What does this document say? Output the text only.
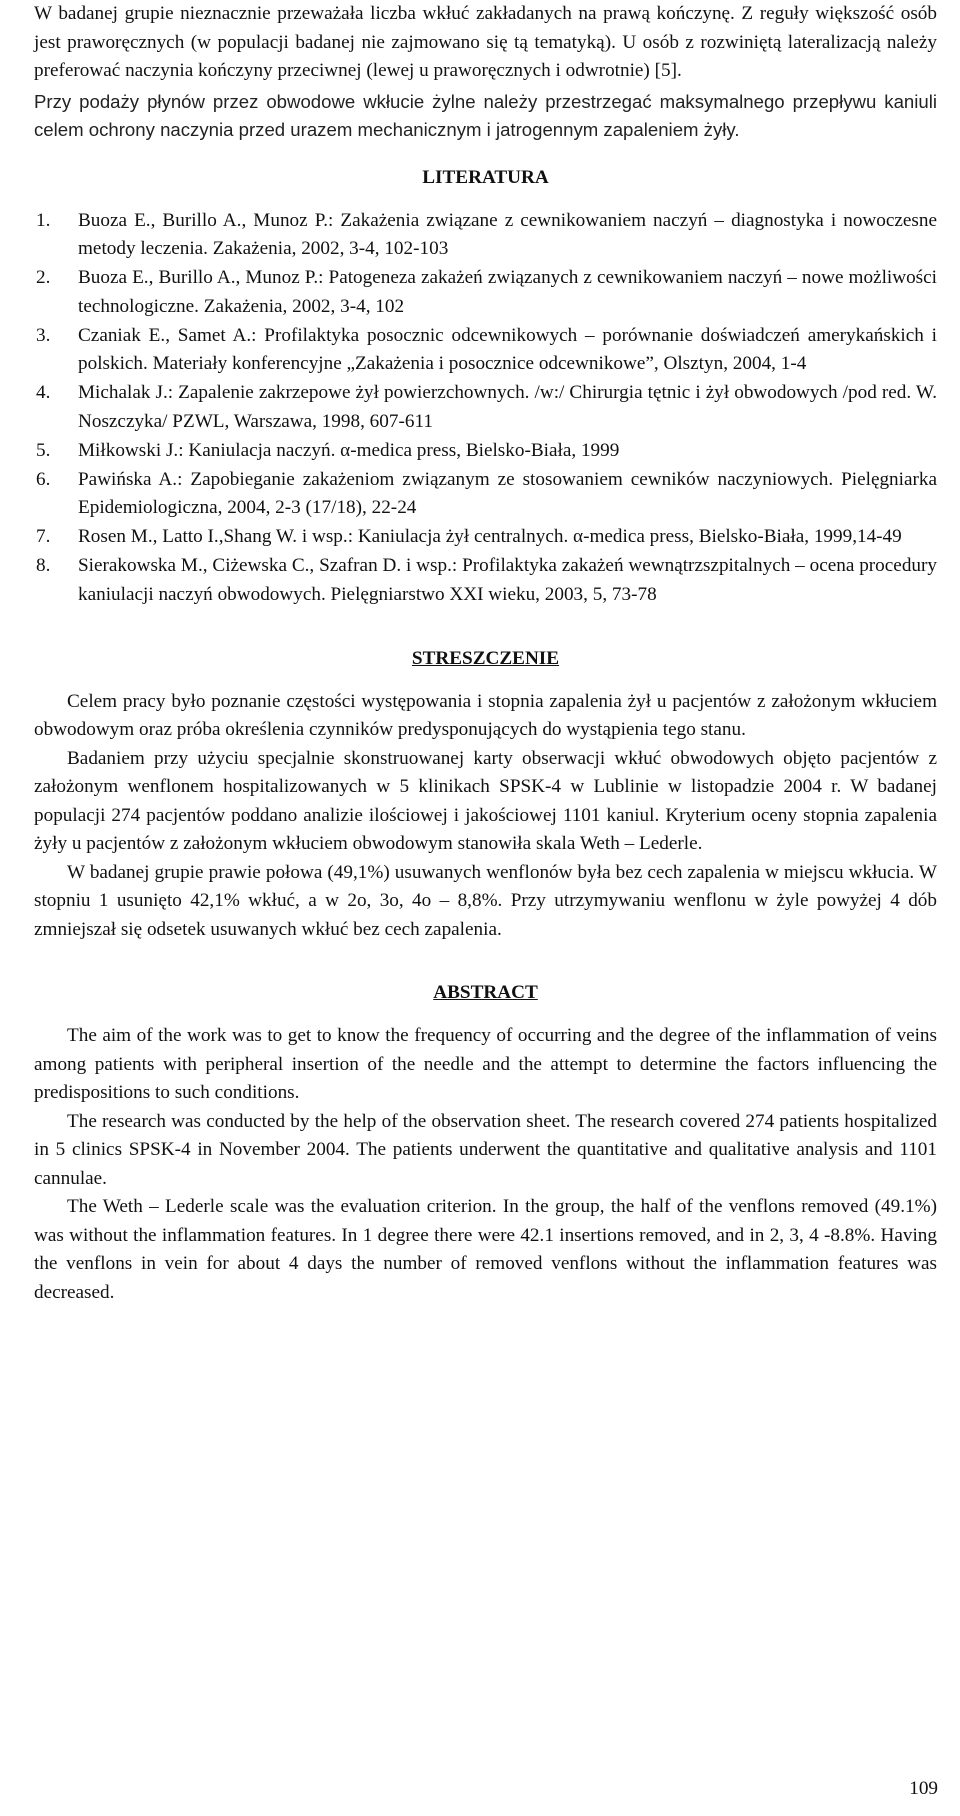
W badanej grupie nieznacznie przeważała liczba wkłuć zakładanych na prawą kończynę. Z reguły większość osób jest praworęcznych (w populacji badanej nie zajmowano się tą tematyką). U osób z rozwiniętą lateralizacją należy preferować naczynia kończyny przeciwnej (lewej u praworęcznych i odwrotnie) [5].

Przy podaży płynów przez obwodowe wkłucie żylne należy przestrzegać maksymalnego przepływu kaniuli celem ochrony naczynia przed urazem mechanicznym i jatrogennym zapaleniem żyły.

LITERATURA

1. Buoza E., Burillo A., Munoz P.: Zakażenia związane z cewnikowaniem naczyń – diagnostyka i nowoczesne metody leczenia. Zakażenia, 2002, 3-4, 102-103
2. Buoza E., Burillo A., Munoz P.: Patogeneza zakażeń związanych z cewnikowaniem naczyń – nowe możliwości technologiczne. Zakażenia, 2002, 3-4, 102
3. Czaniak E., Samet A.: Profilaktyka posocznic odcewnikowych – porównanie doświadczeń amerykańskich i polskich. Materiały konferencyjne „Zakażenia i posocznice odcewnikowe”, Olsztyn, 2004, 1-4
4. Michalak J.: Zapalenie zakrzepowe żył powierzchownych. /w:/ Chirurgia tętnic i żył obwodowych /pod red. W. Noszczyka/ PZWL, Warszawa, 1998, 607-611
5. Miłkowski J.: Kaniulacja naczyń. α-medica press, Bielsko-Biała, 1999
6. Pawińska A.: Zapobieganie zakażeniom związanym ze stosowaniem cewników naczyniowych. Pielęgniarka Epidemiologiczna, 2004, 2-3 (17/18), 22-24
7. Rosen M., Latto I.,Shang W. i wsp.: Kaniulacja żył centralnych. α-medica press, Bielsko-Biała, 1999,14-49
8. Sierakowska M., Ciżewska C., Szafran D. i wsp.: Profilaktyka zakażeń wewnątrzszpitalnych – ocena procedury kaniulacji naczyń obwodowych. Pielęgniarstwo XXI wieku, 2003, 5, 73-78

STRESZCZENIE

Celem pracy było poznanie częstości występowania i stopnia zapalenia żył u pacjentów z założonym wkłuciem obwodowym oraz próba określenia czynników predysponujących do wystąpienia tego stanu.

Badaniem przy użyciu specjalnie skonstruowanej karty obserwacji wkłuć obwodowych objęto pacjentów z założonym wenflonem hospitalizowanych w 5 klinikach SPSK-4 w Lublinie w listopadzie 2004 r. W badanej populacji 274 pacjentów poddano analizie ilościowej i jakościowej 1101 kaniul. Kryterium oceny stopnia zapalenia żyły u pacjentów z założonym wkłuciem obwodowym stanowiła skala Weth – Lederle.

W badanej grupie prawie połowa (49,1%) usuwanych wenflonów była bez cech zapalenia w miejscu wkłucia. W stopniu 1 usunięto 42,1% wkłuć, a w 2o, 3o, 4o – 8,8%. Przy utrzymywaniu wenflonu w żyle powyżej 4 dób zmniejszał się odsetek usuwanych wkłuć bez cech zapalenia.

ABSTRACT

The aim of the work was to get to know the frequency of occurring and the degree of the inflammation of veins among patients with peripheral insertion of the needle and the attempt to determine the factors influencing the predispositions to such conditions.

The research was conducted by the help of the observation sheet. The research covered 274 patients hospitalized in 5 clinics SPSK-4 in November 2004. The patients underwent the quantitative and qualitative analysis and 1101 cannulae.

The Weth – Lederle scale was the evaluation criterion. In the group, the half of the venflons removed (49.1%) was without the inflammation features. In 1 degree there were 42.1 insertions removed, and in 2, 3, 4 -8.8%. Having the venflons in vein for about 4 days the number of removed venflons without the inflammation features was decreased.

109
